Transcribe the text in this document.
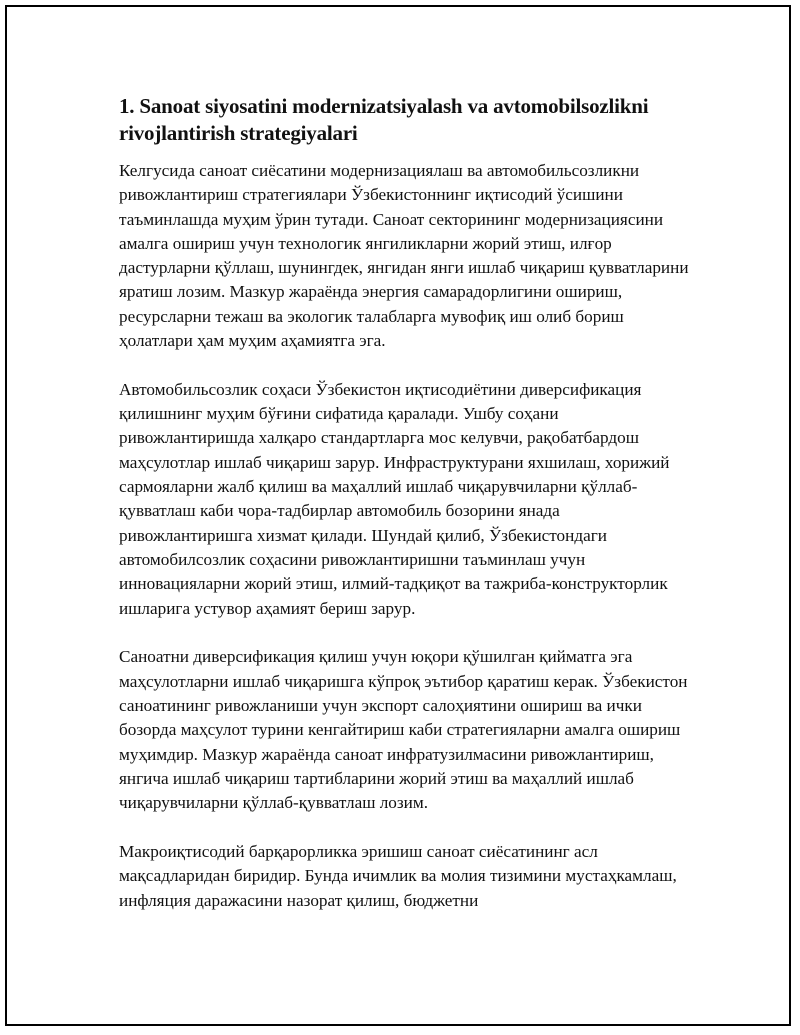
1. Sanoat siyosatini modernizatsiyalash va avtomobilsozlikni rivojlantirish strategiyalari

Келгусида саноат сиёсатини модернизациялаш ва автомобильсозликни ривожлантириш стратегиялари Ўзбекистоннинг иқтисодий ўсишини таъминлашда муҳим ўрин тутади. Саноат секторининг модернизациясини амалга ошириш учун технологик янгиликларни жорий этиш, илғор дастурларни қўллаш, шунингдек, янгидан янги ишлаб чиқариш қувватларини яратиш лозим. Мазкур жараёнда энергия самарадорлигини ошириш, ресурсларни тежаш ва экологик талабларга мувофиқ иш олиб бориш ҳолатлари ҳам муҳим аҳамиятга эга.

Автомобильсозлик соҳаси Ўзбекистон иқтисодиётини диверсификация қилишнинг муҳим бўғини сифатида қаралади. Ушбу соҳани ривожлантиришда халқаро стандартларга мос келувчи, рақобатбардош маҳсулотлар ишлаб чиқариш зарур. Инфраструктурани яхшилаш, хорижий сармояларни жалб қилиш ва маҳаллий ишлаб чиқарувчиларни қўллаб-қувватлаш каби чора-тадбирлар автомобиль бозорини янада ривожлантиришга хизмат қилади. Шундай қилиб, Ўзбекистондаги автомобилсозлик соҳасини ривожлантиришни таъминлаш учун инновацияларни жорий этиш, илмий-тадқиқот ва тажриба-конструкторлик ишларига устувор аҳамият бериш зарур.

Саноатни диверсификация қилиш учун юқори қўшилган қийматга эга маҳсулотларни ишлаб чиқаришга кўпроқ эътибор қаратиш керак. Ўзбекистон саноатининг ривожланиши учун экспорт салоҳиятини ошириш ва ички бозорда маҳсулот турини кенгайтириш каби стратегияларни амалга ошириш муҳимдир. Мазкур жараёнда саноат инфратузилмасини ривожлантириш, янгича ишлаб чиқариш тартибларини жорий этиш ва маҳаллий ишлаб чиқарувчиларни қўллаб-қувватлаш лозим.

Макроиқтисодий барқарорликка эришиш саноат сиёсатининг асл мақсадларидан биридир. Бунда ичимлик ва молия тизимини мустаҳкамлаш, инфляция даражасини назорат қилиш, бюджетни
